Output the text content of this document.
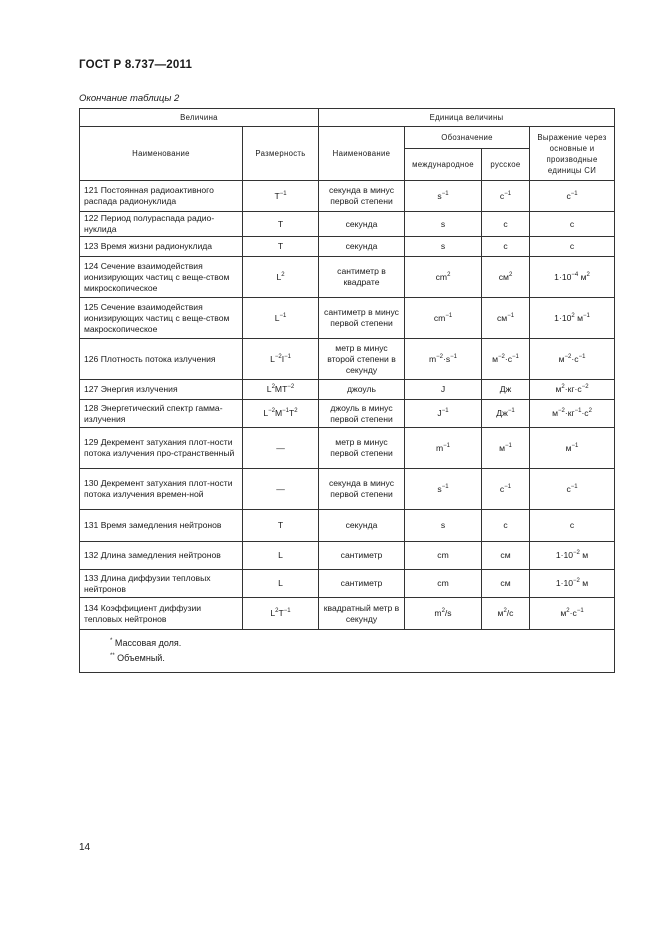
ГОСТ Р 8.737—2011
Окончание таблицы 2
Величина		Единица величины			
Наименование	Размерность	Наименование	Обозначение		Выражение через основные и производные единицы СИ
			международное	русское	
121 Постоянная радиоактивного распада радионуклида	$T^{-1}$	секунда в минус первой степени	$s^{-1}$	$с^{-1}$	$с^{-1}$
122 Период полураспада радио-нуклида	T	секунда	s	с	с
123 Время жизни радионуклида	T	секунда	s	с	с
124 Сечение взаимодействия ионизирующих частиц с веще-ством микроскопическое	$L^2$	сантиметр в квадрате	$cm^2$	$см^2$	$1\cdot 10^{-4}$ $м^2$
125 Сечение взаимодействия ионизирующих частиц с веще-ством макроскопическое	$L^{-1}$	сантиметр в минус первой степени	$cm^{-1}$	$см^{-1}$	$1\cdot 10^2$ $м^{-1}$
126 Плотность потока излучения	$L^{-2}I^{-1}$	метр в минус второй степени в секунду	$m^{-2}\cdot s^{-1}$	$м^{-2}\cdot с^{-1}$	$м^{-2}\cdot с^{-1}$
127 Энергия излучения	$L^2MT^{-2}$	джоуль	J	Дж	$м^2\cdot кг\cdot с^{-2}$
128 Энергетический спектр гамма-излучения	$L^{-2}M^{-1}T^2$	джоуль в минус первой степени	$J^{-1}$	$Дж^{-1}$	$м^{-2}\cdot кг^{-1}\cdot с^2$
129 Декремент затухания плот-ности потока излучения про-странственный	—	метр в минус первой степени	$m^{-1}$	$м^{-1}$	$м^{-1}$
130 Декремент затухания плот-ности потока излучения времен-ной	—	секунда в минус первой степени	$s^{-1}$	$с^{-1}$	$с^{-1}$
131 Время замедления нейтронов	T	секунда	s	с	с
132 Длина замедления нейтронов	L	сантиметр	cm	см	$1\cdot 10^{-2}$ м
133 Длина диффузии тепловых нейтронов	L	сантиметр	cm	см	$1\cdot 10^{-2}$ м
134 Коэффициент диффузии тепловых нейтронов	$L^2T^{-1}$	квадратный метр в секунду	$m^2/s$	$м^2/с$	$м^2\cdot с^{-1}$

* Массовая доля.
** Объемный.					
14
